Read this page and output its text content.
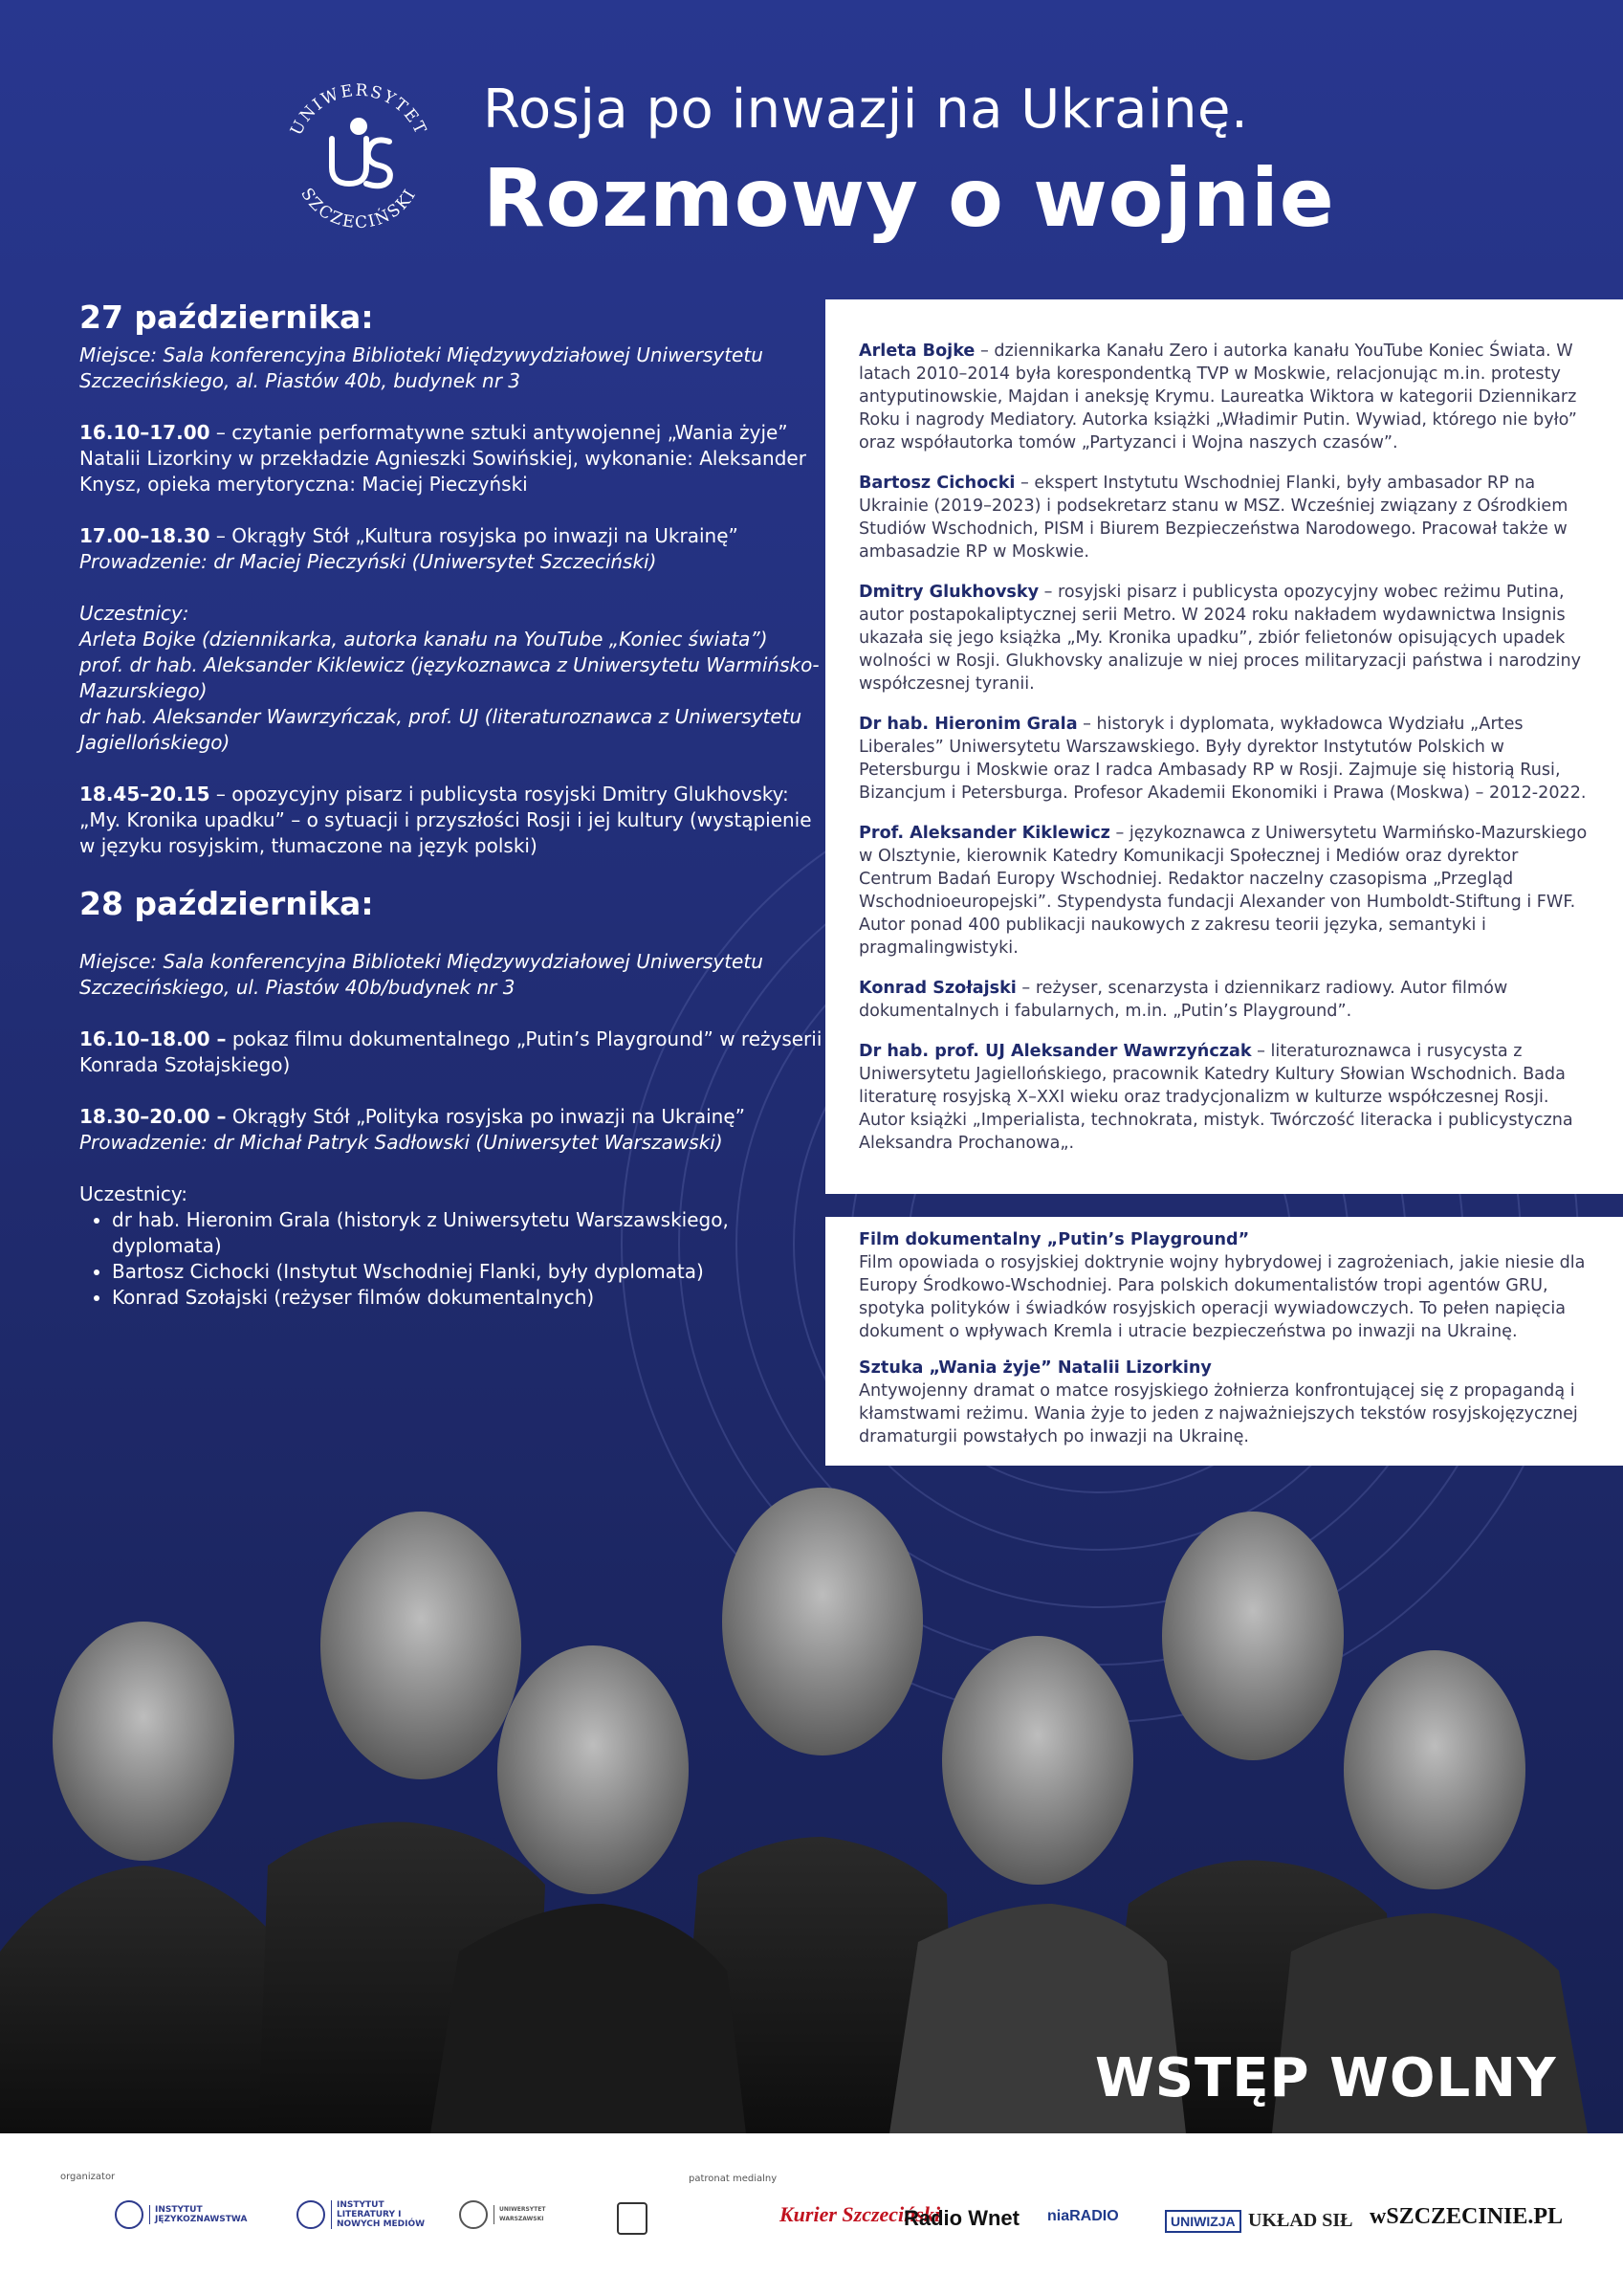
UNIWERSYTET
SZCZECIŃSKI
Rosja po inwazji na Ukrainę.
Rozmowy o wojnie
27 października:

Miejsce: Sala konferencyjna Biblioteki Międzywydziałowej Uniwersytetu Szczecińskiego, al. Piastów 40b, budynek nr 3

16.10–17.00 – czytanie performatywne sztuki antywojennej „Wania żyje” Natalii Lizorkiny w przekładzie Agnieszki Sowińskiej, wykonanie: Aleksander Knysz, opieka merytoryczna: Maciej Pieczyński

17.00–18.30 – Okrągły Stół „Kultura rosyjska po inwazji na Ukrainę”

Prowadzenie: dr Maciej Pieczyński (Uniwersytet Szczeciński)

Uczestnicy:
Arleta Bojke (dziennikarka, autorka kanału na YouTube „Koniec świata”)
prof. dr hab. Aleksander Kiklewicz (językoznawca z Uniwersytetu Warmińsko-Mazurskiego)
dr hab. Aleksander Wawrzyńczak, prof. UJ (literaturoznawca z Uniwersytetu Jagiellońskiego)

18.45–20.15 – opozycyjny pisarz i publicysta rosyjski Dmitry Glukhovsky: „My. Kronika upadku” – o sytuacji i przyszłości Rosji i jej kultury (wystąpienie w języku rosyjskim, tłumaczone na język polski)

28 października:

Miejsce: Sala konferencyjna Biblioteki Międzywydziałowej Uniwersytetu Szczecińskiego, ul. Piastów 40b/budynek nr 3

16.10–18.00 – pokaz filmu dokumentalnego „Putin’s Playground” w reżyserii Konrada Szołajskiego)

18.30–20.00 – Okrągły Stół „Polityka rosyjska po inwazji na Ukrainę”

Prowadzenie: dr Michał Patryk Sadłowski (Uniwersytet Warszawski)

Uczestnicy:
• dr hab. Hieronim Grala (historyk z Uniwersytetu Warszawskiego, dyplomata)
• Bartosz Cichocki (Instytut Wschodniej Flanki, były dyplomata)
• Konrad Szołajski (reżyser filmów dokumentalnych)
WSTĘP WOLNY

Arleta Bojke – dziennikarka Kanału Zero i autorka kanału YouTube Koniec Świata. W latach 2010–2014 była korespondentką TVP w Moskwie, relacjonując m.in. protesty antyputinowskie, Majdan i aneksję Krymu. Laureatka Wiktora w kategorii Dziennikarz Roku i nagrody Mediatory. Autorka książki „Władimir Putin. Wywiad, którego nie było” oraz współautorka tomów „Partyzanci i Wojna naszych czasów”.

Bartosz Cichocki – ekspert Instytutu Wschodniej Flanki, były ambasador RP na Ukrainie (2019–2023) i podsekretarz stanu w MSZ. Wcześniej związany z Ośrodkiem Studiów Wschodnich, PISM i Biurem Bezpieczeństwa Narodowego. Pracował także w ambasadzie RP w Moskwie.

Dmitry Glukhovsky – rosyjski pisarz i publicysta opozycyjny wobec reżimu Putina, autor postapokaliptycznej serii Metro. W 2024 roku nakładem wydawnictwa Insignis ukazała się jego książka „My. Kronika upadku”, zbiór felietonów opisujących upadek wolności w Rosji. Glukhovsky analizuje w niej proces militaryzacji państwa i narodziny współczesnej tyranii.

Dr hab. Hieronim Grala – historyk i dyplomata, wykładowca Wydziału „Artes Liberales” Uniwersytetu Warszawskiego. Były dyrektor Instytutów Polskich w Petersburgu i Moskwie oraz I radca Ambasady RP w Rosji. Zajmuje się historią Rusi, Bizancjum i Petersburga. Profesor Akademii Ekonomiki i Prawa (Moskwa) – 2012-2022.

Prof. Aleksander Kiklewicz – językoznawca z Uniwersytetu Warmińsko-Mazurskiego w Olsztynie, kierownik Katedry Komunikacji Społecznej i Mediów oraz dyrektor Centrum Badań Europy Wschodniej. Redaktor naczelny czasopisma „Przegląd Wschodnioeuropejski”. Stypendysta fundacji Alexander von Humboldt-Stiftung i FWF. Autor ponad 400 publikacji naukowych z zakresu teorii języka, semantyki i pragmalingwistyki.

Konrad Szołajski – reżyser, scenarzysta i dziennikarz radiowy. Autor filmów dokumentalnych i fabularnych, m.in. „Putin’s Playground”.

Dr hab. prof. UJ Aleksander Wawrzyńczak – literaturoznawca i rusycysta z Uniwersytetu Jagiellońskiego, pracownik Katedry Kultury Słowian Wschodnich. Bada literaturę rosyjską X–XXI wieku oraz tradycjonalizm w kulturze współczesnej Rosji. Autor książki „Imperialista, technokrata, mistyk. Twórczość literacka i publicystyczna Aleksandra Prochanowa„.

Film dokumentalny „Putin’s Playground”
Film opowiada o rosyjskiej doktrynie wojny hybrydowej i zagrożeniach, jakie niesie dla Europy Środkowo-Wschodniej. Para polskich dokumentalistów tropi agentów GRU, spotyka polityków i świadków rosyjskich operacji wywiadowczych. To pełen napięcia dokument o wpływach Kremla i utracie bezpieczeństwa po inwazji na Ukrainę.
Sztuka „Wania żyje” Natalii Lizorkiny
Antywojenny dramat o matce rosyjskiego żołnierza konfrontującej się z propagandą i kłamstwami reżimu. Wania żyje to jeden z najważniejszych tekstów rosyjskojęzycznej dramaturgii powstałych po inwazji na Ukrainę.
organizator	patronat medialny
INSTYTUT JĘZYKOZNAWSTWA
INSTYTUT LITERATURY I NOWYCH MEDIÓW
UNIWERSYTET WARSZAWSKI	Kurier Szczeciński
Radio Wnet niaRADIO	UNIWIZJA UKŁAD SIŁ wSZCZECINIE.PL
